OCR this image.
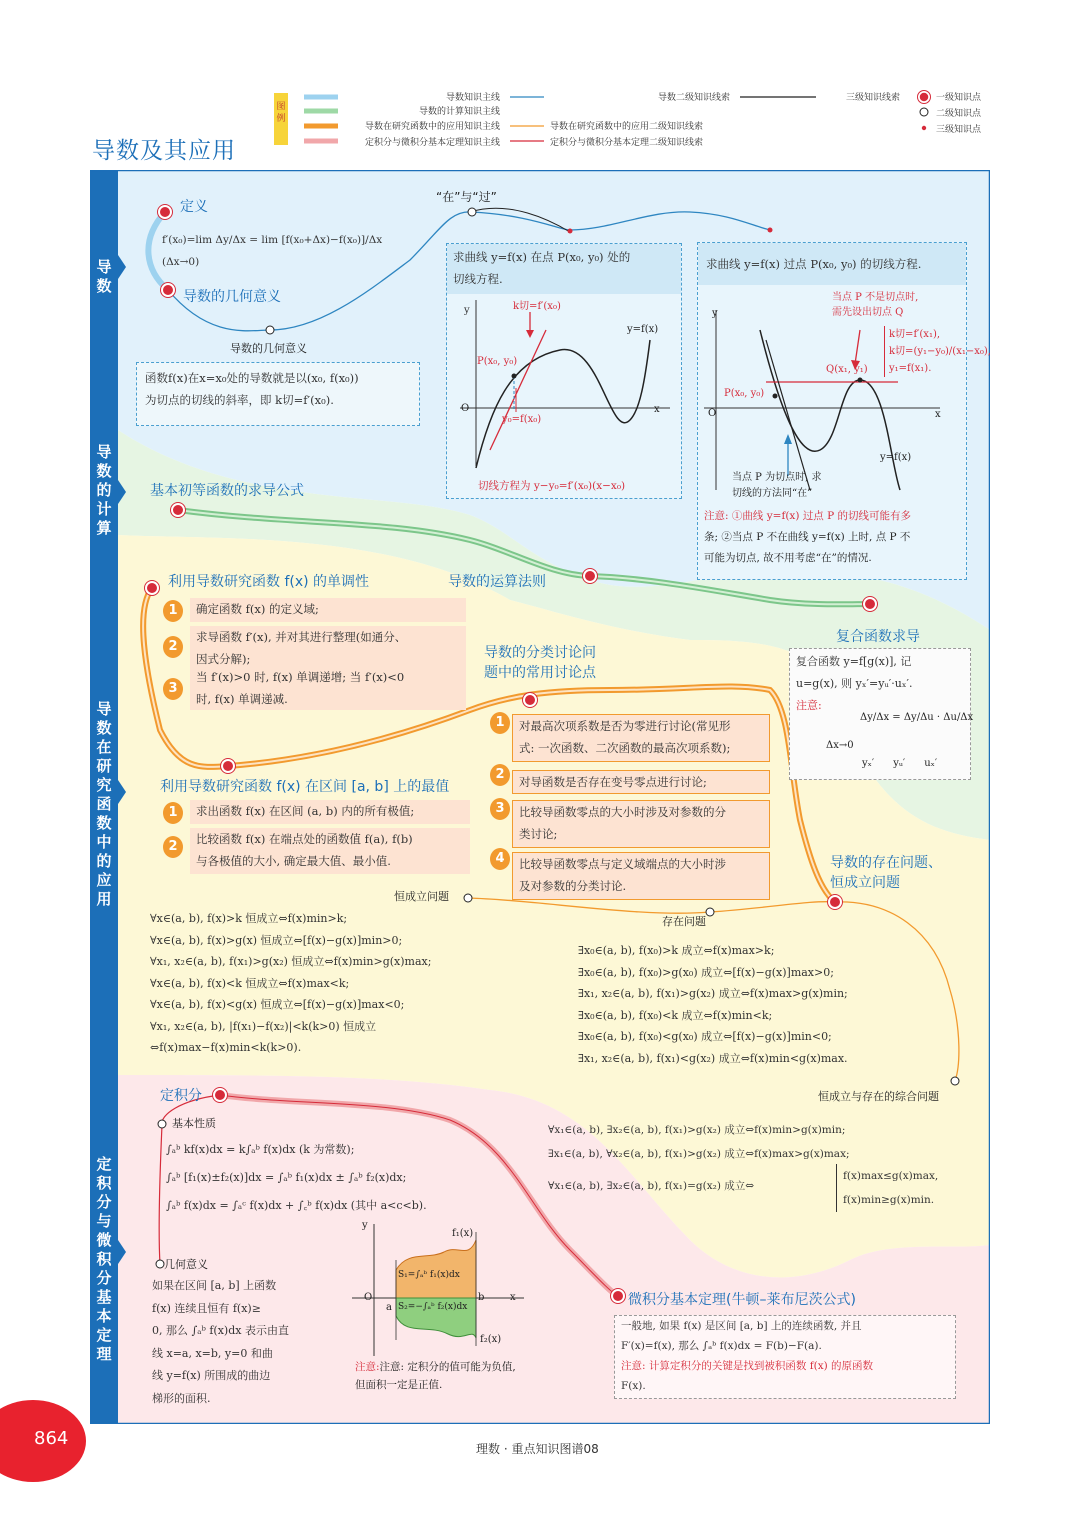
图例
导数知识主线
导数的计算知识主线
导数在研究函数中的应用知识主线
定积分与微积分基本定理知识主线
导数二级知识线索
导数在研究函数中的应用二级知识线索
定积分与微积分基本定理二级知识线索
三级知识线索	一级知识点
二级知识点
三级知识点
导数及其应用
导数
导数的计算
导数在研究函数中的应用
定积分与微积分基本定理
定义
f′(x₀)=lim Δy/Δx = lim [f(x₀+Δx)−f(x₀)]/Δx (Δx→0)
导数的几何意义
导数的几何意义
函数f(x)在x=x₀处的导数就是以(x₀, f(x₀))
为切点的切线的斜率，即 k切=f′(x₀).
“在”与“过”
求曲线 y=f(x) 在点 P(x₀, y₀) 处的
切线方程.
y	k切=f′(x₀)
y=f(x)
P(x₀, y₀)
y₀=f(x₀)
O	x
切线方程为 y−y₀=f′(x₀)(x−x₀)
求曲线 y=f(x) 过点 P(x₀, y₀) 的切线方程.
当点 P 不是切点时,
需先设出切点 Q
k切=f′(x₁),
k切=(y₁−y₀)/(x₁−x₀),
y₁=f(x₁).
y
Q(x₁, y₁)
P(x₀, y₀)
O	x
y=f(x)
当点 P 为切点时, 求
切线的方法同“在”
注意: ①曲线 y=f(x) 过点 P 的切线可能有多
条; ②当点 P 不在曲线 y=f(x) 上时, 点 P 不
可能为切点, 故不用考虑“在”的情况.
基本初等函数的求导公式
导数的运算法则
复合函数求导
复合函数 y=f[g(x)], 记
u=g(x), 则 yₓ′=yᵤ′·uₓ′.
注意:
Δy/Δx = Δy/Δu · Δu/Δx
Δx→0
yₓ′      yᵤ′      uₓ′
利用导数研究函数 f(x) 的单调性
确定函数 f(x) 的定义域;
求导函数 f′(x), 并对其进行整理(如通分、
因式分解);
当 f′(x)>0 时, f(x) 单调递增; 当 f′(x)<0
时, f(x) 单调递减.
1
2
3
导数的分类讨论问
题中的常用讨论点
对最高次项系数是否为零进行讨论(常见形
式: 一次函数、二次函数的最高次项系数);
对导函数是否存在变号零点进行讨论;
比较导函数零点的大小时涉及对参数的分
类讨论;
比较导函数零点与定义域端点的大小时涉
及对参数的分类讨论.
1
2
3
4
利用导数研究函数 f(x) 在区间 [a, b] 上的最值
求出函数 f(x) 在区间 (a, b) 内的所有极值;
比较函数 f(x) 在端点处的函数值 f(a), f(b)
与各极值的大小, 确定最大值、最小值.
1
2
导数的存在问题、
恒成立问题
恒成立问题
存在问题
∀x∈(a, b), f(x)>k 恒成立⇔f(x)min>k;
∀x∈(a, b), f(x)>g(x) 恒成立⇔[f(x)−g(x)]min>0;
∀x₁, x₂∈(a, b), f(x₁)>g(x₂) 恒成立⇔f(x)min>g(x)max;
∀x∈(a, b), f(x)<k 恒成立⇔f(x)max<k;
∀x∈(a, b), f(x)<g(x) 恒成立⇔[f(x)−g(x)]max<0;
∀x₁, x₂∈(a, b), |f(x₁)−f(x₂)|<k(k>0) 恒成立
⇔f(x)max−f(x)min<k(k>0).
∃x₀∈(a, b), f(x₀)>k 成立⇔f(x)max>k;
∃x₀∈(a, b), f(x₀)>g(x₀) 成立⇔[f(x)−g(x)]max>0;
∃x₁, x₂∈(a, b), f(x₁)>g(x₂) 成立⇔f(x)max>g(x)min;
∃x₀∈(a, b), f(x₀)<k 成立⇔f(x)min<k;
∃x₀∈(a, b), f(x₀)<g(x₀) 成立⇔[f(x)−g(x)]min<0;
∃x₁, x₂∈(a, b), f(x₁)<g(x₂) 成立⇔f(x)min<g(x)max.
恒成立与存在的综合问题
∀x₁∈(a, b), ∃x₂∈(a, b), f(x₁)>g(x₂) 成立⇔f(x)min>g(x)min;
∃x₁∈(a, b), ∀x₂∈(a, b), f(x₁)>g(x₂) 成立⇔f(x)max>g(x)max;
∀x₁∈(a, b), ∃x₂∈(a, b), f(x₁)=g(x₂) 成立⇔
f(x)max≤g(x)max,
f(x)min≥g(x)min.
定积分
基本性质
∫ₐᵇ kf(x)dx = k∫ₐᵇ f(x)dx (k 为常数);
∫ₐᵇ [f₁(x)±f₂(x)]dx = ∫ₐᵇ f₁(x)dx ± ∫ₐᵇ f₂(x)dx;
∫ₐᵇ f(x)dx = ∫ₐᶜ f(x)dx + ∫꜀ᵇ f(x)dx (其中 a<c<b).
几何意义
如果在区间 [a, b] 上函数
f(x) 连续且恒有 f(x)≥
0, 那么 ∫ₐᵇ f(x)dx 表示由直
线 x=a, x=b, y=0 和曲
线 y=f(x) 所围成的曲边
梯形的面积.
y
O
a
b	x
f₁(x)
f₂(x)
S₁=∫ₐᵇ f₁(x)dx
S₂=−∫ₐᵇ f₂(x)dx
注意:注意: 定积分的值可能为负值,
但面积一定是正值.
微积分基本定理(牛顿–莱布尼茨公式)
一般地, 如果 f(x) 是区间 [a, b] 上的连续函数, 并且
F′(x)=f(x), 那么 ∫ₐᵇ f(x)dx = F(b)−F(a).
注意: 计算定积分的关键是找到被积函数 f(x) 的原函数
F(x).
864	理数 · 重点知识图谱08
